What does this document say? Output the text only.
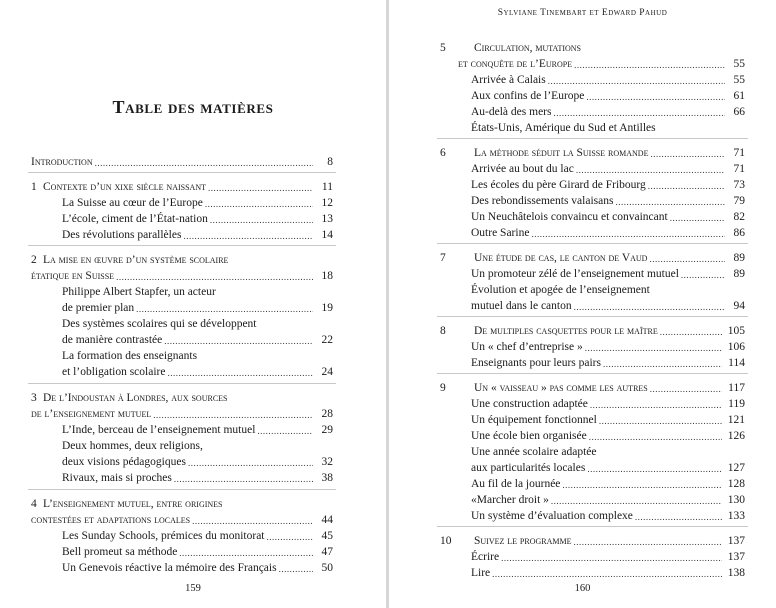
Table des matières
Introduction .....	8
1 Contexte d’un xixe siècle naissant .....	11
La Suisse au cœur de l’Europe .....	12
L’école, ciment de l’État-nation .....	13
Des révolutions parallèles .....	14
2 La mise en œuvre d’un système scolaire
étatique en Suisse .....	18
Philippe Albert Stapfer, un acteur
de premier plan .....	19
Des systèmes scolaires qui se développent
de manière contrastée .....	22
La formation des enseignants
et l’obligation scolaire .....	24
3 De l’Indoustan à Londres, aux sources
de l’enseignement mutuel .....	28
L’Inde, berceau de l’enseignement mutuel .....	29
Deux hommes, deux religions,
deux visions pédagogiques .....	32
Rivaux, mais si proches .....	38
4 L’enseignement mutuel, entre origines
contestées et adaptations locales .....	44
Les Sunday Schools, prémices du monitorat .....	45
Bell promeut sa méthode .....	47
Un Genevois réactive la mémoire des Français .....	50
159
Sylviane Tinembart et Edward Pahud
5 Circulation, mutations
et conquête de l’Europe .....	55
Arrivée à Calais .....	55
Aux confins de l’Europe .....	61
Au-delà des mers .....	66
États-Unis, Amérique du Sud et Antilles
6 La méthode séduit la Suisse romande .....	71
Arrivée au bout du lac .....	71
Les écoles du père Girard de Fribourg .....	73
Des rebondissements valaisans .....	79
Un Neuchâtelois convaincu et convaincant .....	82
Outre Sarine .....	86
7 Une étude de cas, le canton de Vaud .....	89
Un promoteur zélé de l’enseignement mutuel .....	89
Évolution et apogée de l’enseignement
mutuel dans le canton .....	94
8 De multiples casquettes pour le maître .....	105
Un « chef d’entreprise » .....	106
Enseignants pour leurs pairs .....	114
9 Un « vaisseau » pas comme les autres .....	117
Une construction adaptée .....	119
Un équipement fonctionnel .....	121
Une école bien organisée .....	126
Une année scolaire adaptée
aux particularités locales .....	127
Au fil de la journée .....	128
«Marcher droit » .....	130
Un système d’évaluation complexe .....	133
10 Suivez le programme .....	137
Écrire .....	137
Lire .....	138
160
